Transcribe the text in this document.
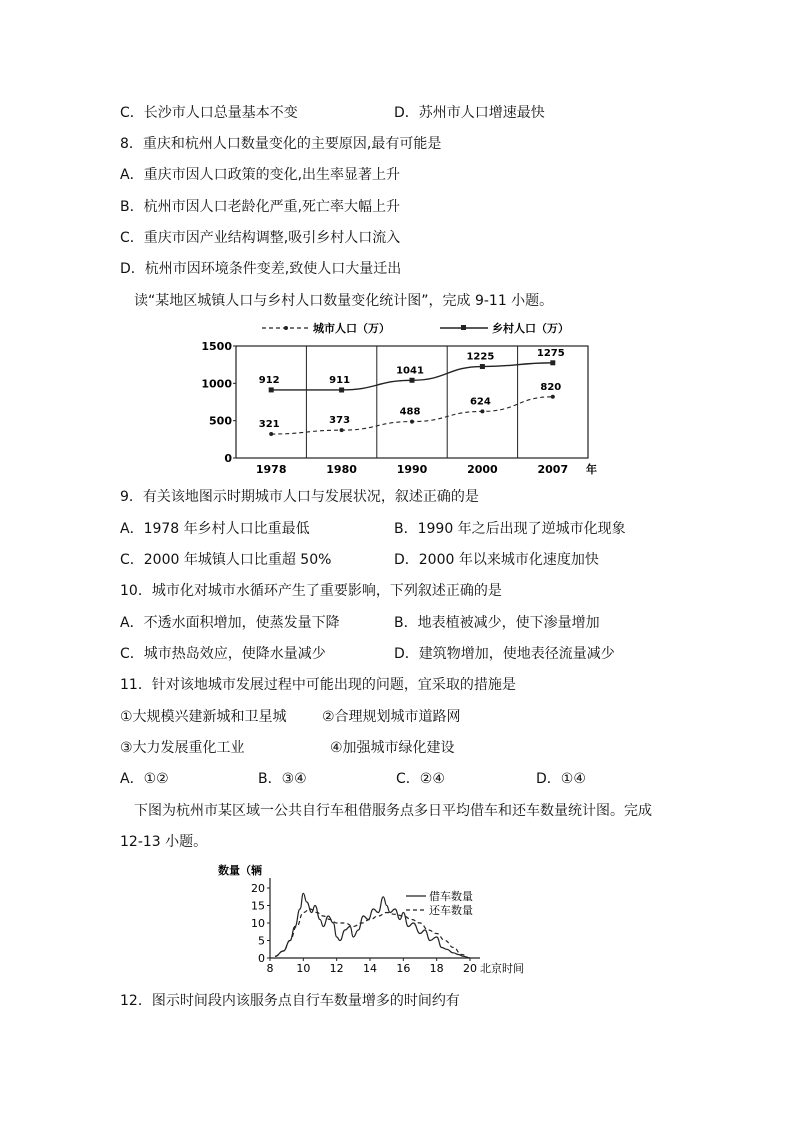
C．长沙市人口总量基本不变	D．苏州市人口增速最快
8．重庆和杭州人口数量变化的主要原因,最有可能是
A．重庆市因人口政策的变化,出生率显著上升
B．杭州市因人口老龄化严重,死亡率大幅上升
C．重庆市因产业结构调整,吸引乡村人口流入
D．杭州市因环境条件变差,致使人口大量迁出
读“某地区城镇人口与乡村人口数量变化统计图”，完成 9-11 小题。
城市人口（万）	乡村人口（万）
0
500
1000
1500
1978	1980	1990	2000	2007 年
321	373
488
624
820
912	911
1041
1225	1275
9．有关该地图示时期城市人口与发展状况，叙述正确的是
A．1978 年乡村人口比重最低	B．1990 年之后出现了逆城市化现象
C．2000 年城镇人口比重超 50%	D．2000 年以来城市化速度加快
10．城市化对城市水循环产生了重要影响，下列叙述正确的是
A．不透水面积增加，使蒸发量下降	B．地表植被减少，使下渗量增加
C．城市热岛效应，使降水量减少	D．建筑物增加，使地表径流量减少
11．针对该地城市发展过程中可能出现的问题，宜采取的措施是
①大规模兴建新城和卫星城	②合理规划城市道路网
③大力发展重化工业	④加强城市绿化建设
A．①②	B．③④	C．②④	D．①④
下图为杭州市某区域一公共自行车租借服务点多日平均借车和还车数量统计图。完成
12-13 小题。
数量（辆
0
5
10
15
20
8 10 12 14 16 18 20
借车数量
还车数量
北京时间
12．图示时间段内该服务点自行车数量增多的时间约有
